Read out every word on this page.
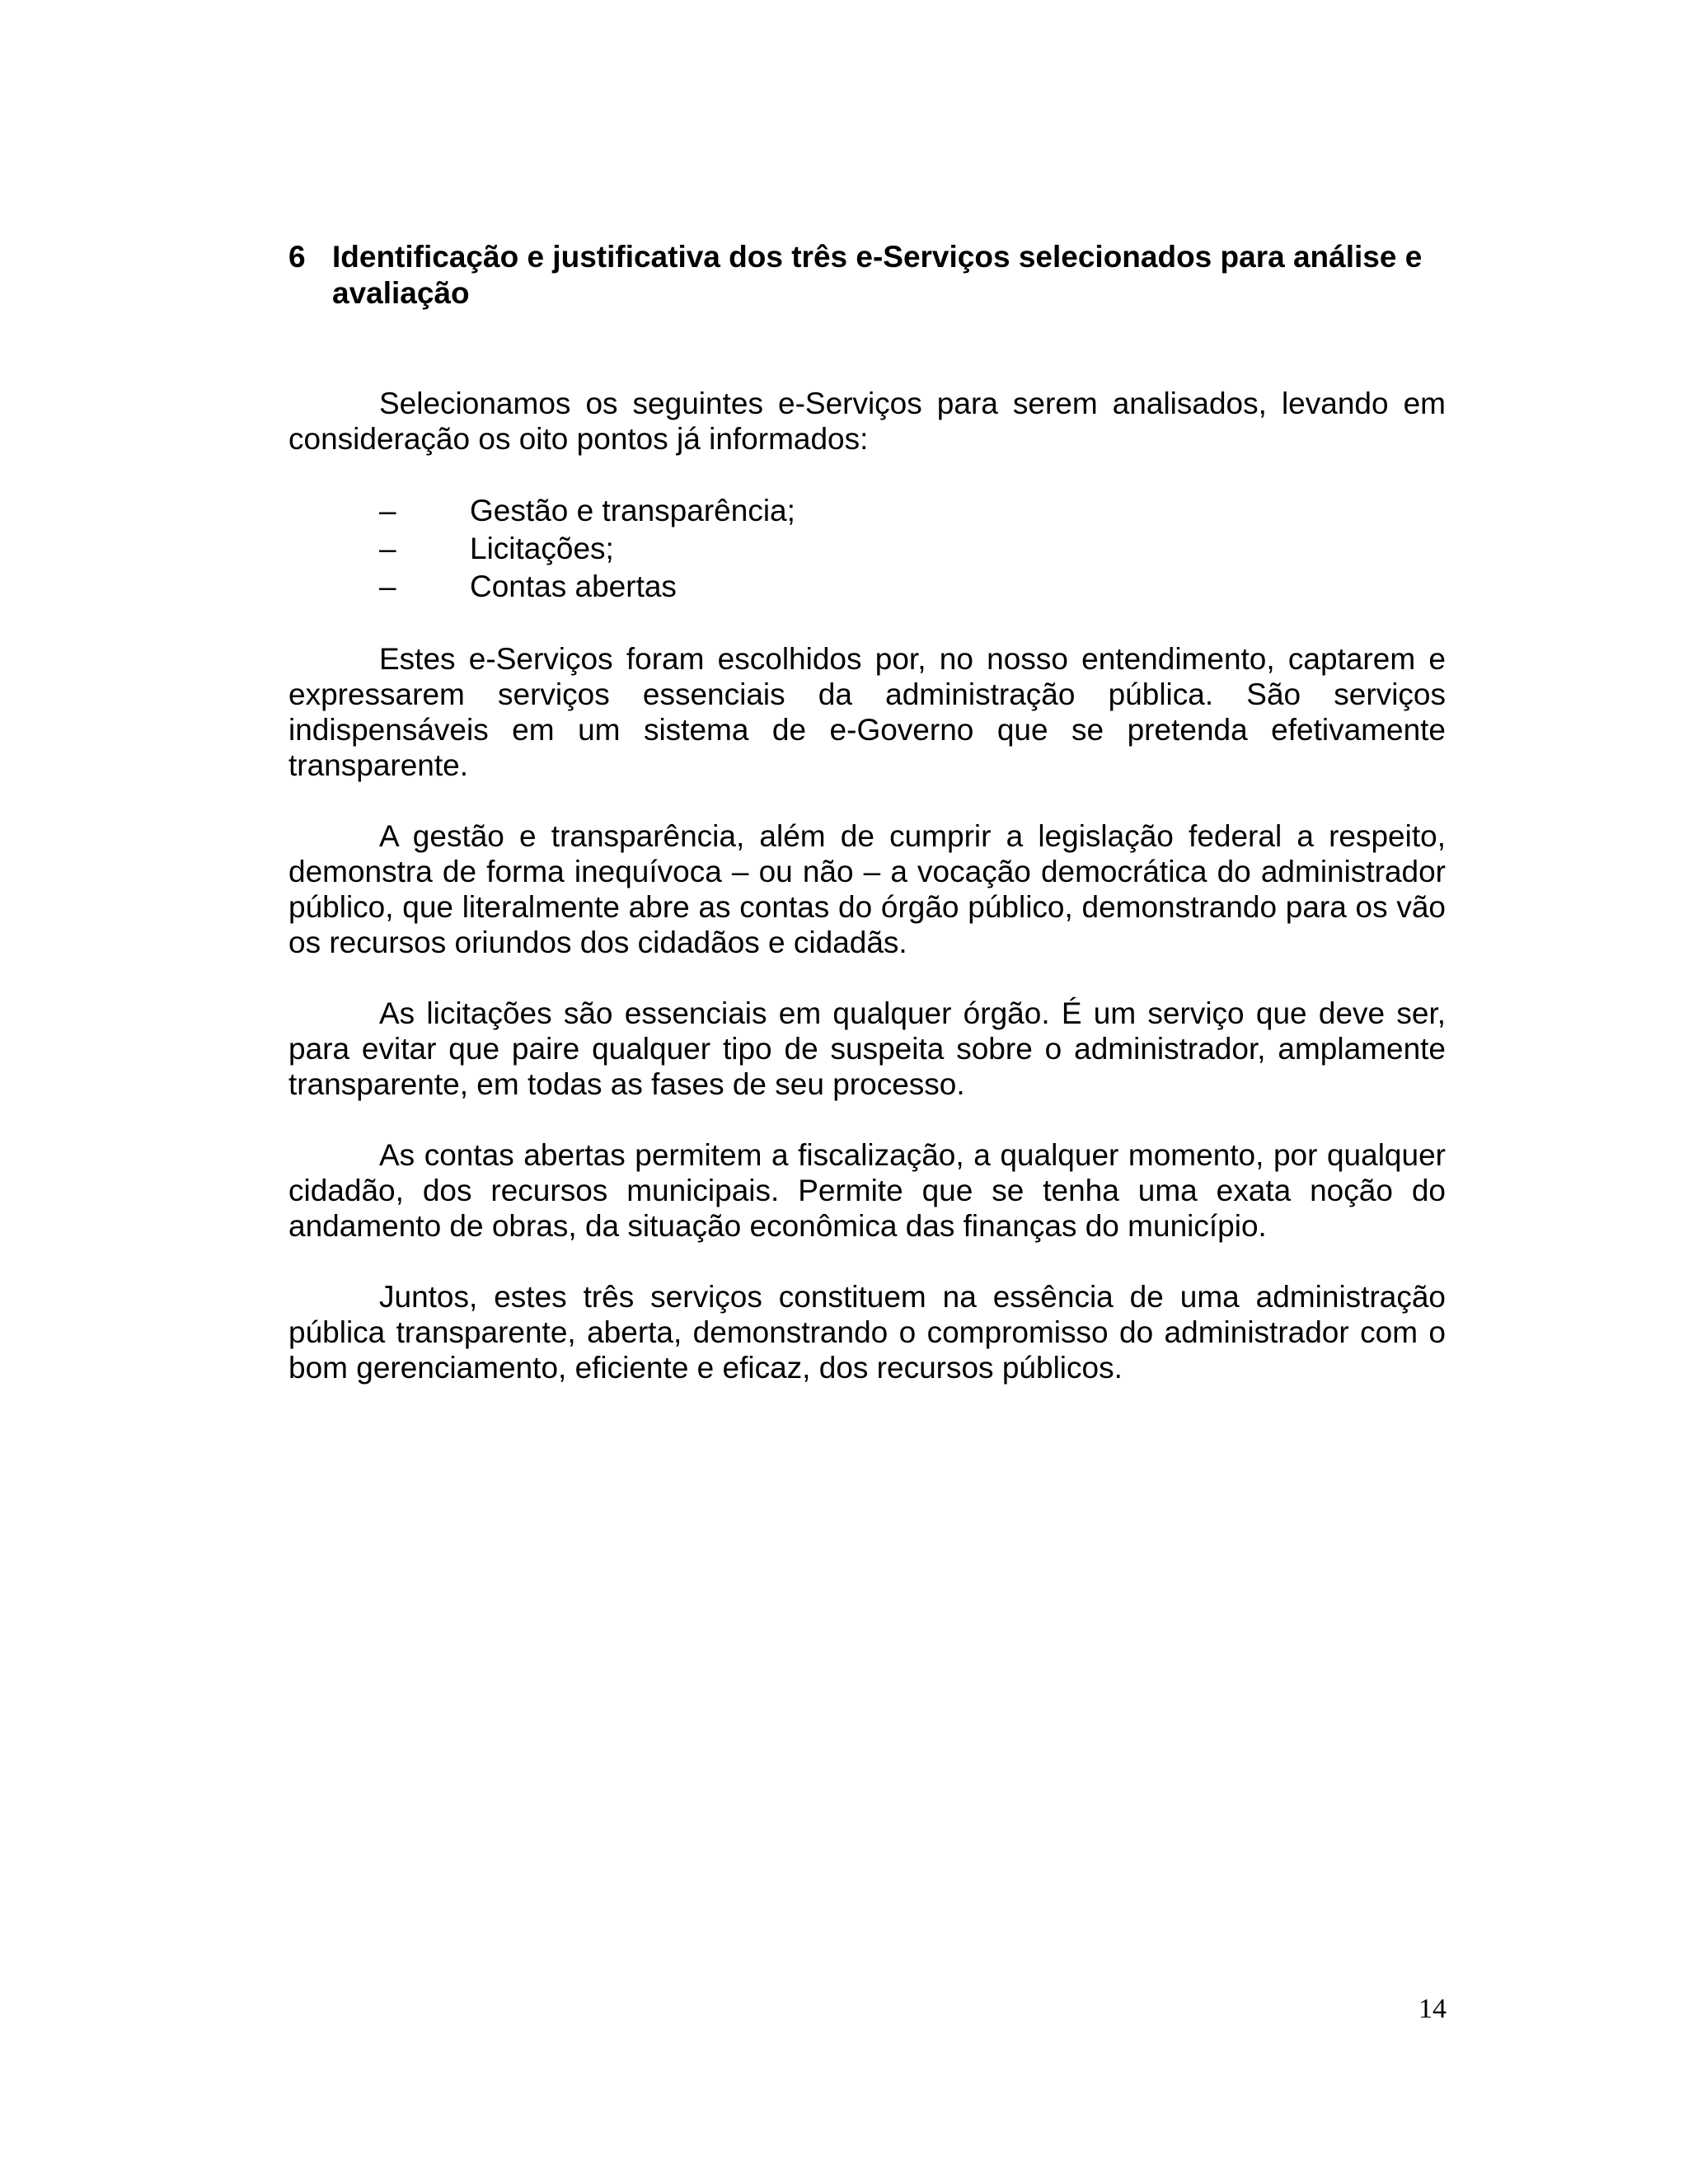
6 Identificação e justificativa dos três e-Serviços selecionados para análise e avaliação

Selecionamos os seguintes e-Serviços para serem analisados, levando em consideração os oito pontos já informados:

–	Gestão e transparência;
–	Licitações;
–	Contas abertas

Estes e-Serviços foram escolhidos por, no nosso entendimento, captarem e expressarem serviços essenciais da administração pública. São serviços indispensáveis em um sistema de e-Governo que se pretenda efetivamente transparente.

A gestão e transparência, além de cumprir a legislação federal a respeito, demonstra de forma inequívoca – ou não – a vocação democrática do administrador público, que literalmente abre as contas do órgão público, demonstrando para os vão os recursos oriundos dos cidadãos e cidadãs.

As licitações são essenciais em qualquer órgão. É um serviço que deve ser, para evitar que paire qualquer tipo de suspeita sobre o administrador, amplamente transparente, em todas as fases de seu processo.

As contas abertas permitem a fiscalização, a qualquer momento, por qualquer cidadão, dos recursos municipais. Permite que se tenha uma exata noção do andamento de obras, da situação econômica das finanças do município.

Juntos, estes três serviços constituem na essência de uma administração pública transparente, aberta, demonstrando o compromisso do administrador com o bom gerenciamento, eficiente e eficaz, dos recursos públicos.

14
